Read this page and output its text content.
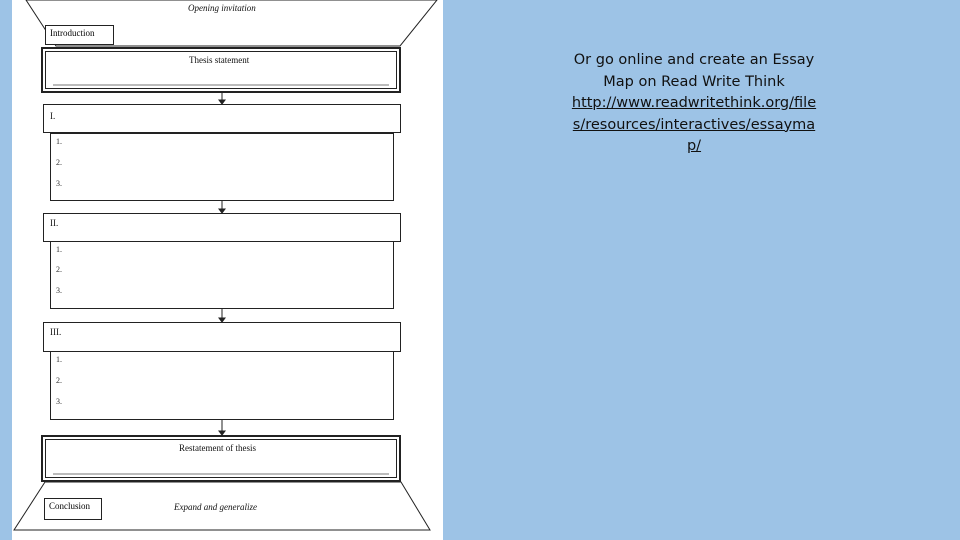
Opening invitation
Introduction
Thesis statement
1.
2.
3.
I.
1.
2.
3.
II.
1.
2.
3.
III.
Restatement of thesis
Conclusion	Expand and generalize
Or go online and create an Essay Map on Read Write Think
http://www.readwritethink.org/files/resources/interactives/essaymap/
